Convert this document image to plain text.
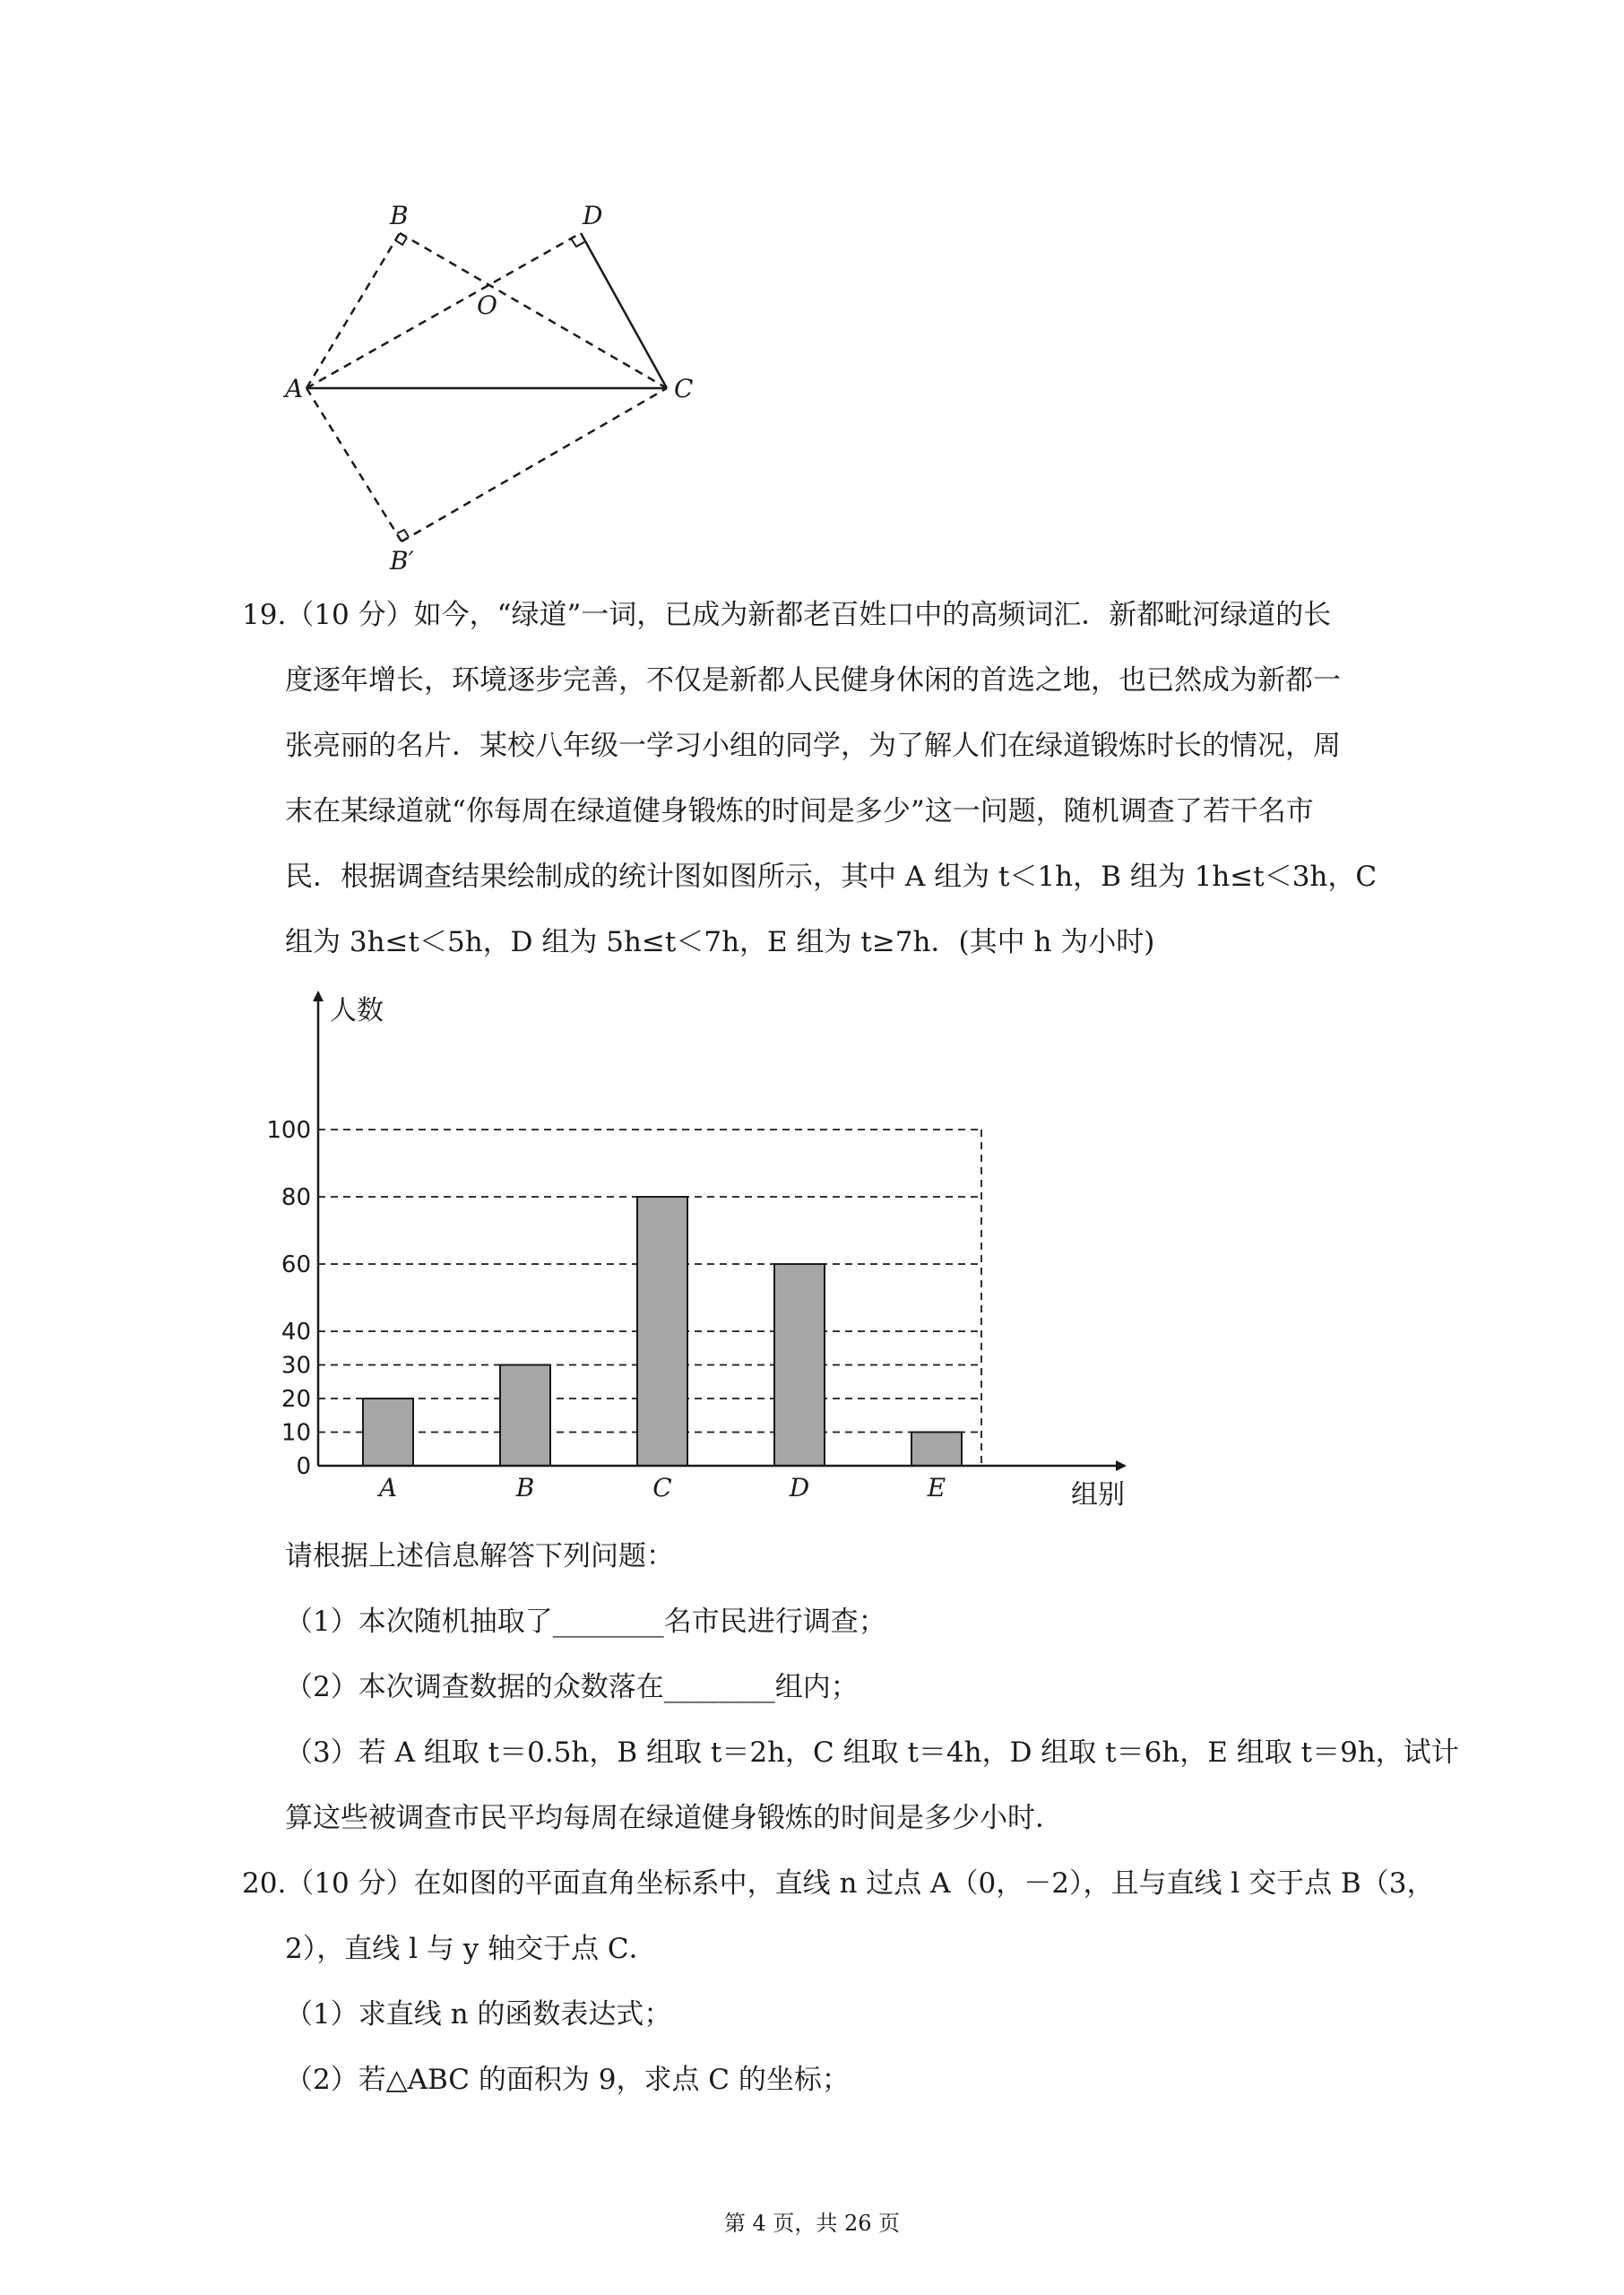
B	D
O
A	C
B′
19.（10 分）如今，“绿道”一词，已成为新都老百姓口中的高频词汇．新都毗河绿道的长
度逐年增长，环境逐步完善，不仅是新都人民健身休闲的首选之地，也已然成为新都一
张亮丽的名片．某校八年级一学习小组的同学，为了解人们在绿道锻炼时长的情况，周
末在某绿道就“你每周在绿道健身锻炼的时间是多少”这一问题，随机调查了若干名市
民．根据调查结果绘制成的统计图如图所示，其中 A 组为 t＜1h，B 组为 1h≤t＜3h，C
组为 3h≤t＜5h，D 组为 5h≤t＜7h，E 组为 t≥7h．(其中 h 为小时)
人数
组别
0
10
20
30
40
60
80
100
A	B	C	D	E
请根据上述信息解答下列问题：
（1）本次随机抽取了________名市民进行调查；
（2）本次调查数据的众数落在________组内；
（3）若 A 组取 t＝0.5h，B 组取 t＝2h，C 组取 t＝4h，D 组取 t＝6h，E 组取 t＝9h，试计
算这些被调查市民平均每周在绿道健身锻炼的时间是多少小时．
20.（10 分）在如图的平面直角坐标系中，直线 n 过点 A（0，－2），且与直线 l 交于点 B（3，
2），直线 l 与 y 轴交于点 C．
（1）求直线 n 的函数表达式；
（2）若△ABC 的面积为 9，求点 C 的坐标；
第 4 页，共 26 页
